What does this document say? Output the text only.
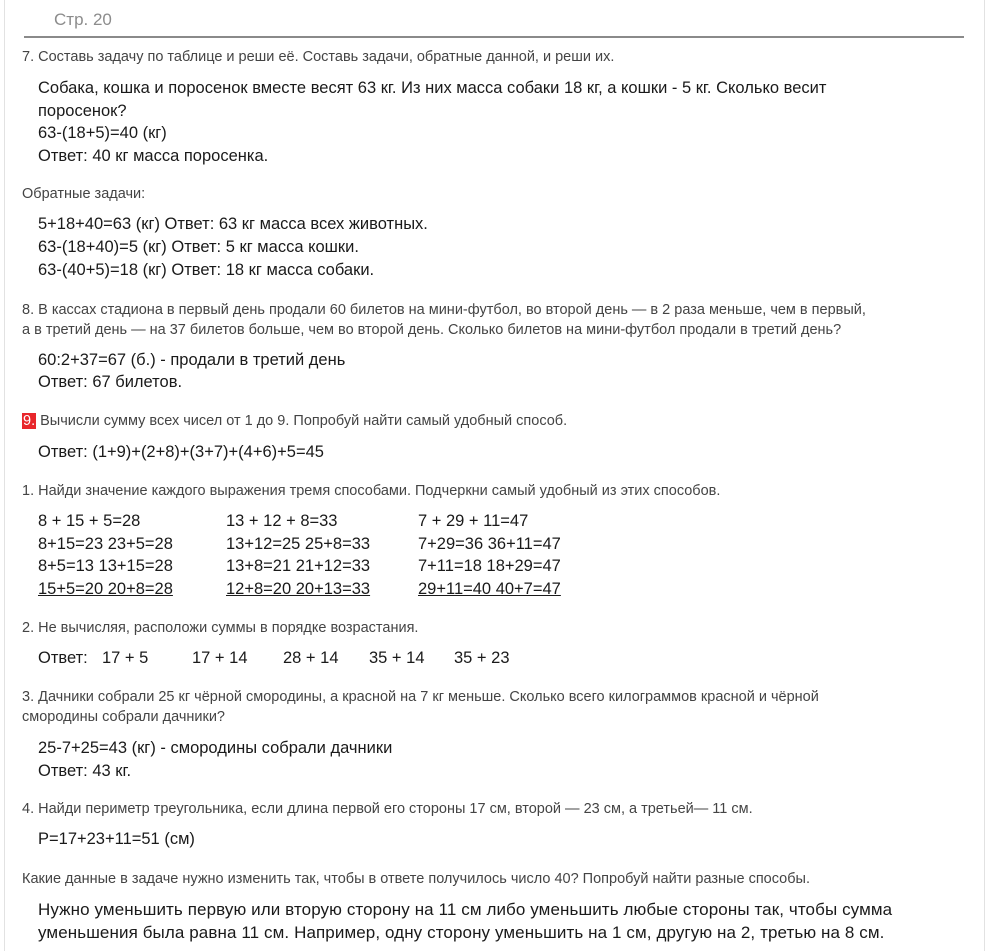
Стр. 20
7. Составь задачу по таблице и реши её. Составь задачи, обратные данной, и реши их.
Собака, кошка и поросенок вместе весят 63 кг. Из них масса собаки 18 кг, а кошки - 5 кг. Сколько весит
поросенок?
63-(18+5)=40 (кг)
Ответ: 40 кг масса поросенка.
Обратные задачи:
5+18+40=63 (кг) Ответ: 63 кг масса всех животных.
63-(18+40)=5 (кг) Ответ: 5 кг масса кошки.
63-(40+5)=18 (кг) Ответ: 18 кг масса собаки.
8. В кассах стадиона в первый день продали 60 билетов на мини-футбол, во второй день — в 2 раза меньше, чем в первый,
а в третий день — на 37 билетов больше, чем во второй день. Сколько билетов на мини-футбол продали в третий день?
60:2+37=67 (б.) - продали в третий день
Ответ: 67 билетов.
9. Вычисли сумму всех чисел от 1 до 9. Попробуй найти самый удобный способ.
Ответ: (1+9)+(2+8)+(3+7)+(4+6)+5=45
1. Найди значение каждого выражения тремя способами. Подчеркни самый удобный из этих способов.
8 + 15 + 5=28	13 + 12 + 8=33	7 + 29 + 11=47
8+15=23 23+5=28	13+12=25 25+8=33	7+29=36 36+11=47
8+5=13 13+15=28	13+8=21 21+12=33	7+11=18 18+29=47
15+5=20 20+8=28	12+8=20 20+13=33	29+11=40 40+7=47
2. Не вычисляя, расположи суммы в порядке возрастания.
Ответ: 17 + 5	17 + 14 28 + 14 35 + 14 35 + 23
3. Дачники собрали 25 кг чёрной смородины, а красной на 7 кг меньше. Сколько всего килограммов красной и чёрной
смородины собрали дачники?
25-7+25=43 (кг) - смородины собрали дачники
Ответ: 43 кг.
4. Найди периметр треугольника, если длина первой его стороны 17 см, второй — 23 см, а третьей— 11 см.
P=17+23+11=51 (см)
Какие данные в задаче нужно изменить так, чтобы в ответе получилось число 40? Попробуй найти разные способы.
Нужно уменьшить первую или вторую сторону на 11 см либо уменьшить любые стороны так, чтобы сумма
уменьшения была равна 11 см. Например, одну сторону уменьшить на 1 см, другую на 2, третью на 8 см.
